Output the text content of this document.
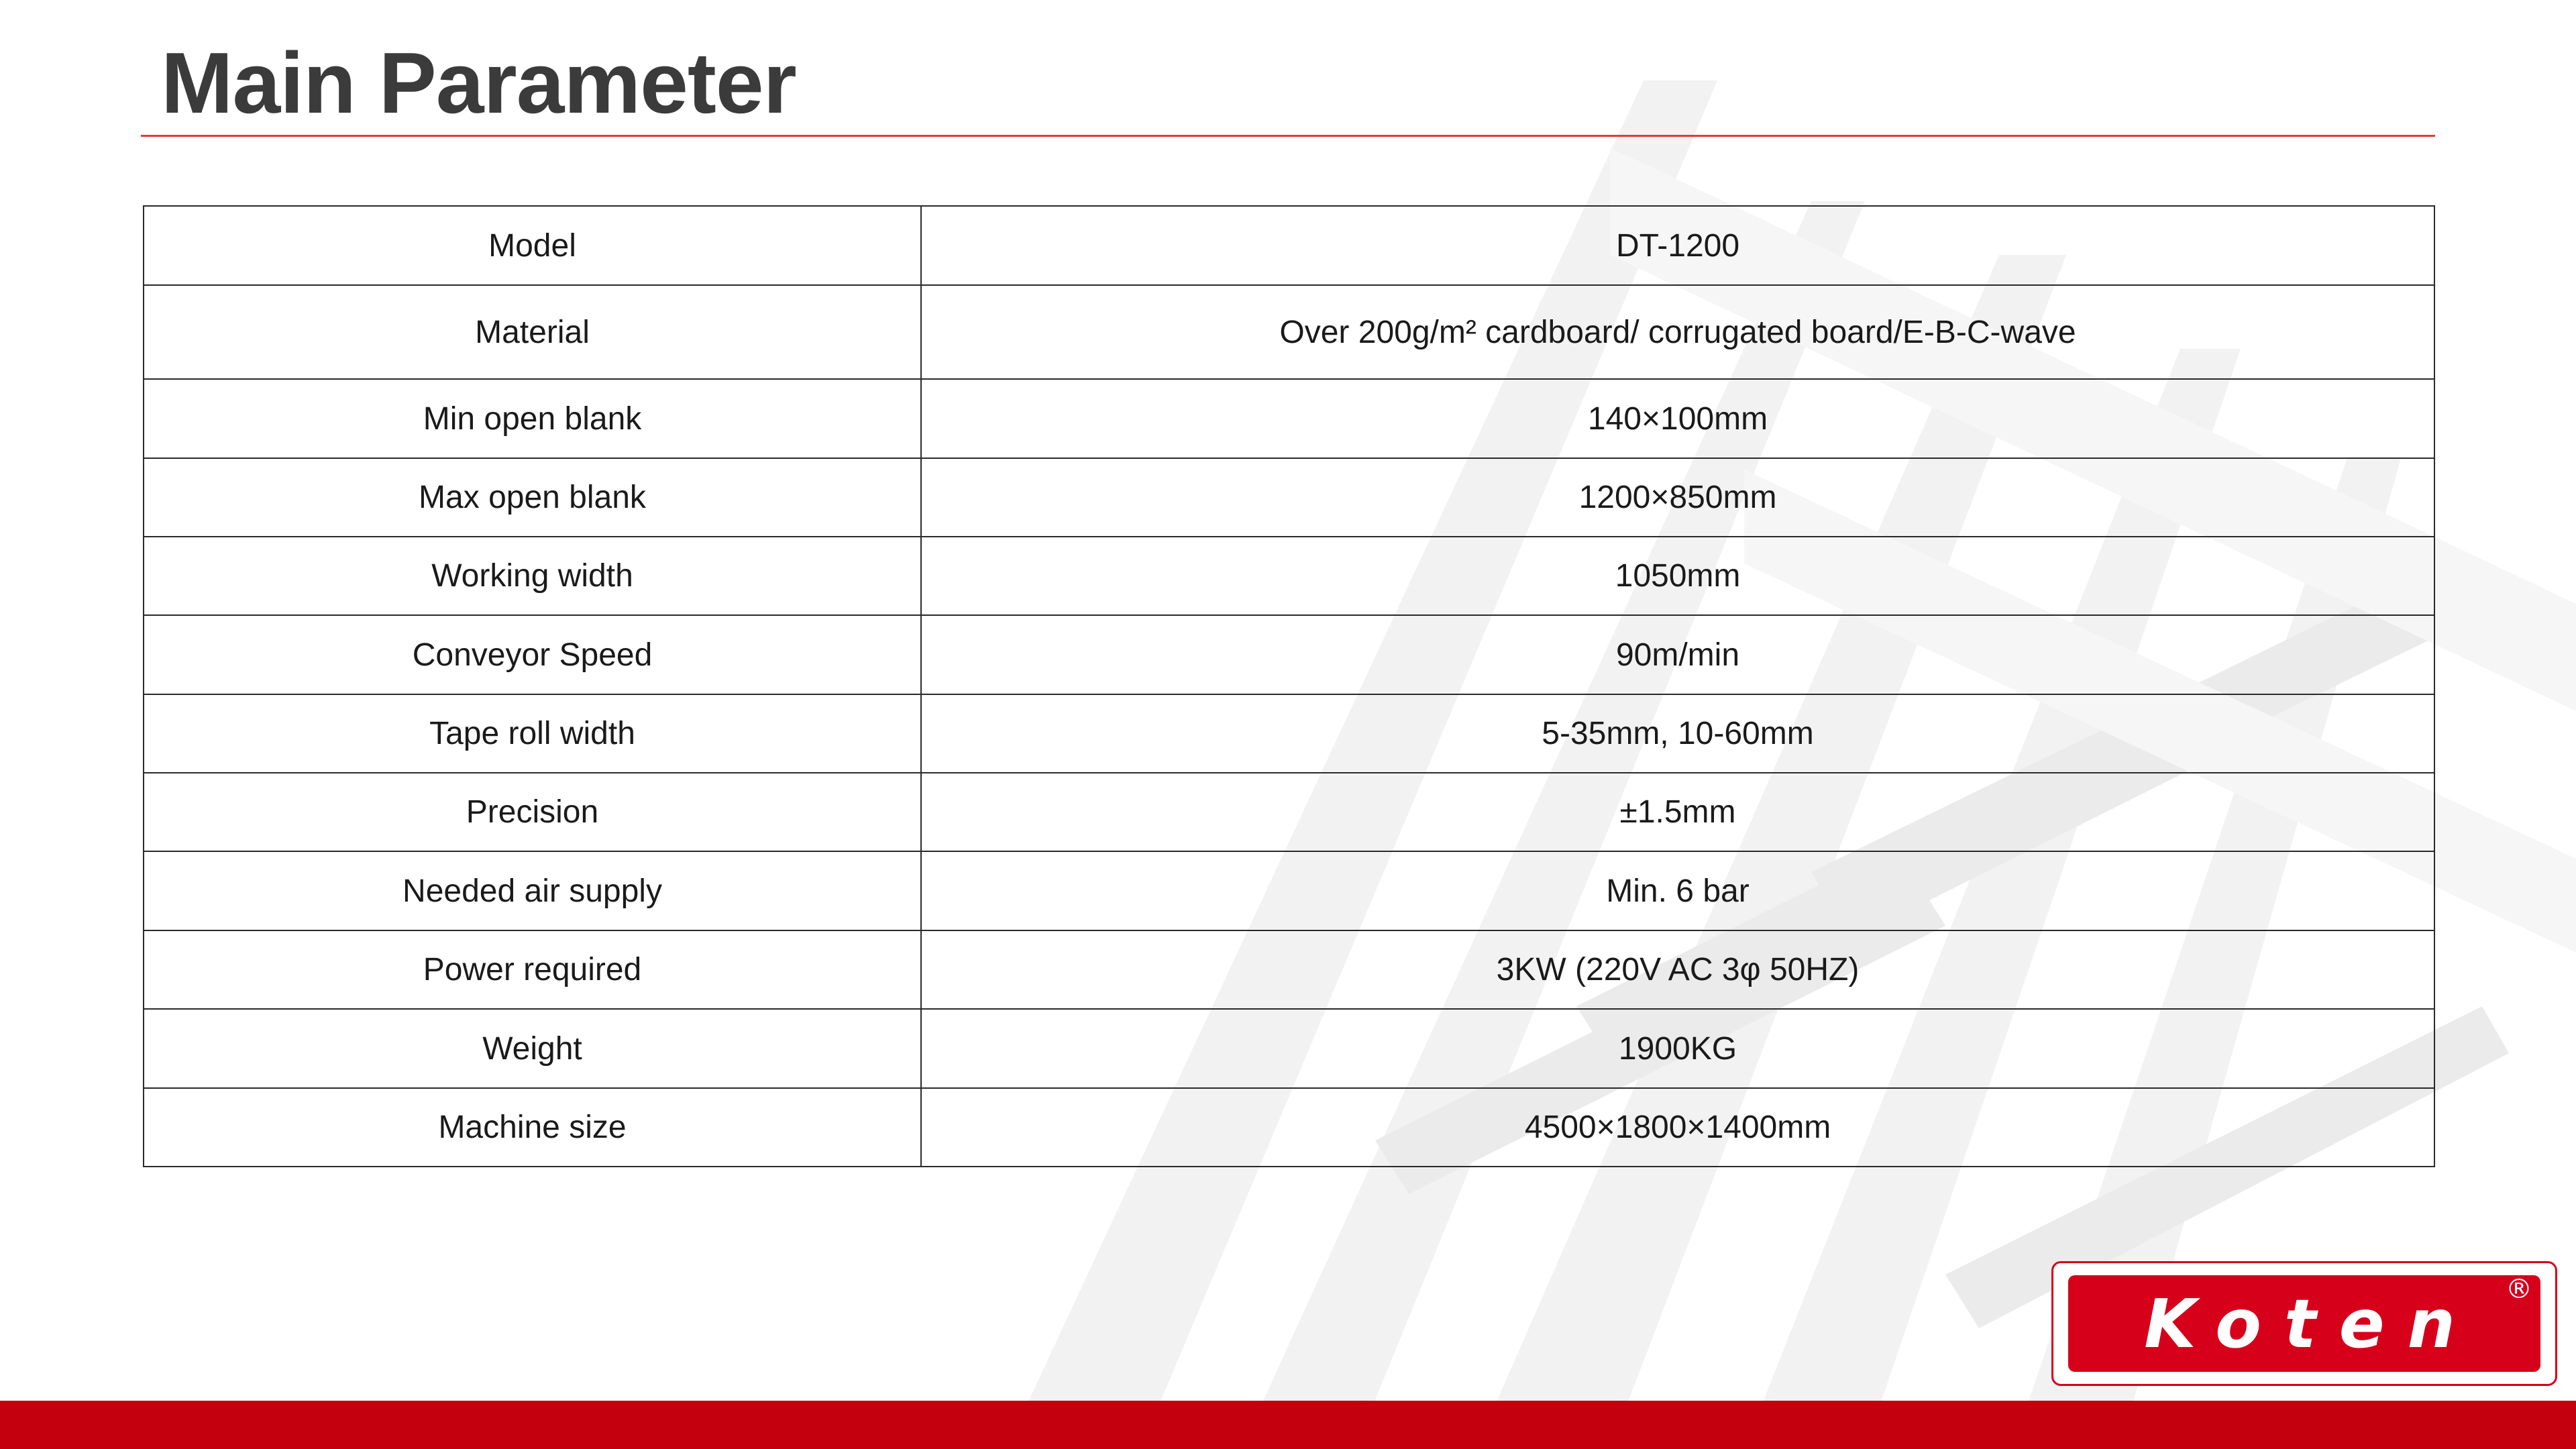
Main Parameter
Model	DT-1200
Material	Over 200g/m² cardboard/ corrugated board/E-B-C-wave
Min open blank	140×100mm
Max open blank	1200×850mm
Working width	1050mm
Conveyor Speed	90m/min
Tape roll width	5-35mm, 10-60mm
Precision	±1.5mm
Needed air supply	Min. 6 bar
Power required	3KW (220V AC 3φ 50HZ)
Weight	1900KG
Machine size	4500×1800×1400mm
Koten ®
